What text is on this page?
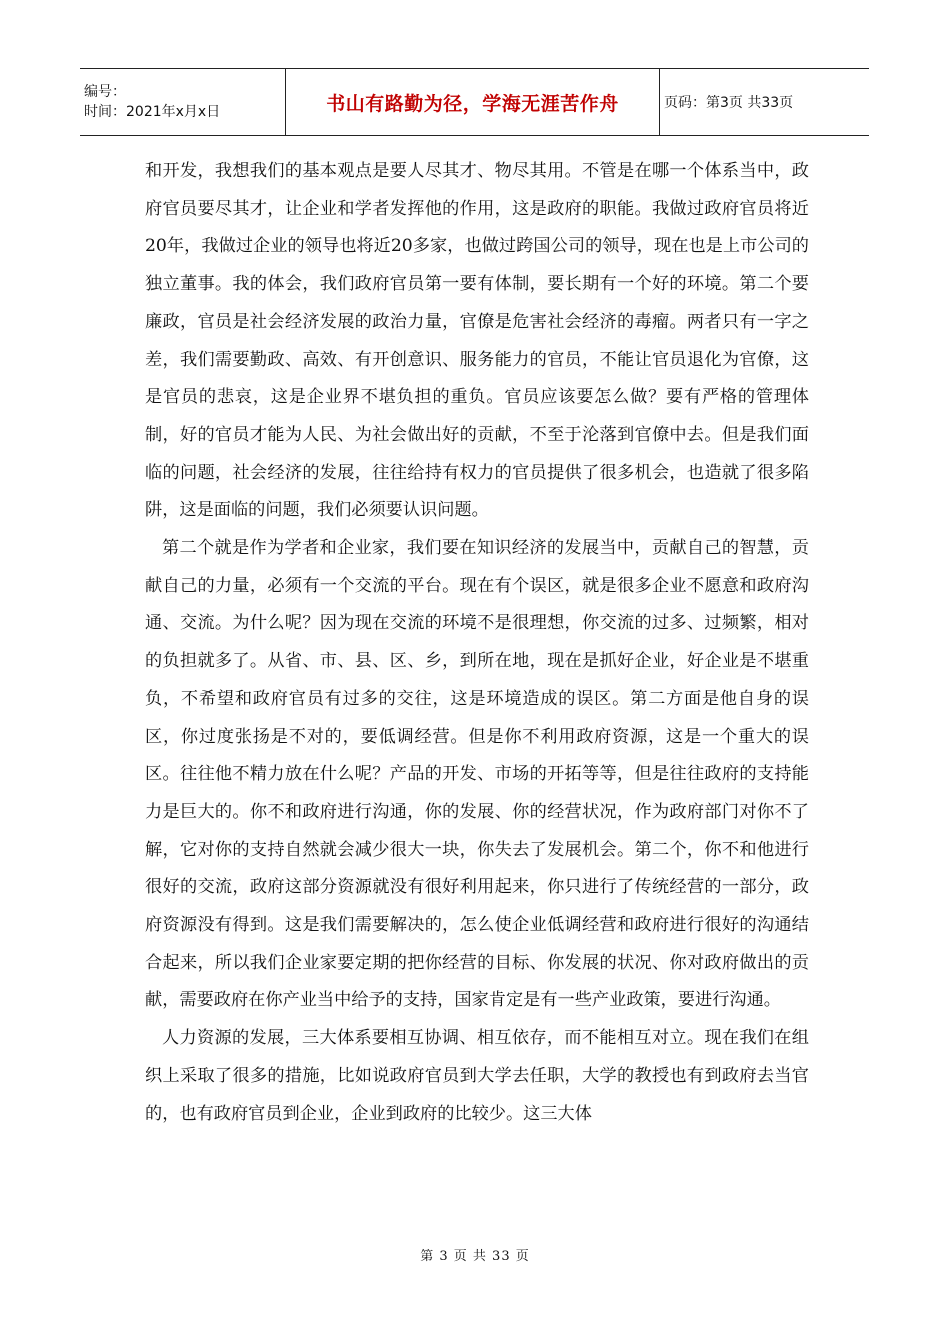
编号：
时间：2021年x月x日	书山有路勤为径，学海无涯苦作舟	页码：第3页 共33页

和开发，我想我们的基本观点是要人尽其才、物尽其用。不管是在哪一个体系当中，政府官员要尽其才，让企业和学者发挥他的作用，这是政府的职能。我做过政府官员将近20年，我做过企业的领导也将近20多家，也做过跨国公司的领导，现在也是上市公司的独立董事。我的体会，我们政府官员第一要有体制，要长期有一个好的环境。第二个要廉政，官员是社会经济发展的政治力量，官僚是危害社会经济的毒瘤。两者只有一字之差，我们需要勤政、高效、有开创意识、服务能力的官员，不能让官员退化为官僚，这是官员的悲哀，这是企业界不堪负担的重负。官员应该要怎么做？要有严格的管理体制，好的官员才能为人民、为社会做出好的贡献，不至于沦落到官僚中去。但是我们面临的问题，社会经济的发展，往往给持有权力的官员提供了很多机会，也造就了很多陷阱，这是面临的问题，我们必须要认识问题。

第二个就是作为学者和企业家，我们要在知识经济的发展当中，贡献自己的智慧，贡献自己的力量，必须有一个交流的平台。现在有个误区，就是很多企业不愿意和政府沟通、交流。为什么呢？因为现在交流的环境不是很理想，你交流的过多、过频繁，相对的负担就多了。从省、市、县、区、乡，到所在地，现在是抓好企业，好企业是不堪重负，不希望和政府官员有过多的交往，这是环境造成的误区。第二方面是他自身的误区，你过度张扬是不对的，要低调经营。但是你不利用政府资源，这是一个重大的误区。往往他不精力放在什么呢？产品的开发、市场的开拓等等，但是往往政府的支持能力是巨大的。你不和政府进行沟通，你的发展、你的经营状况，作为政府部门对你不了解，它对你的支持自然就会减少很大一块，你失去了发展机会。第二个，你不和他进行很好的交流，政府这部分资源就没有很好利用起来，你只进行了传统经营的一部分，政府资源没有得到。这是我们需要解决的，怎么使企业低调经营和政府进行很好的沟通结合起来，所以我们企业家要定期的把你经营的目标、你发展的状况、你对政府做出的贡献，需要政府在你产业当中给予的支持，国家肯定是有一些产业政策，要进行沟通。

人力资源的发展，三大体系要相互协调、相互依存，而不能相互对立。现在我们在组织上采取了很多的措施，比如说政府官员到大学去任职，大学的教授也有到政府去当官的，也有政府官员到企业，企业到政府的比较少。这三大体

第 3 页 共 33 页
